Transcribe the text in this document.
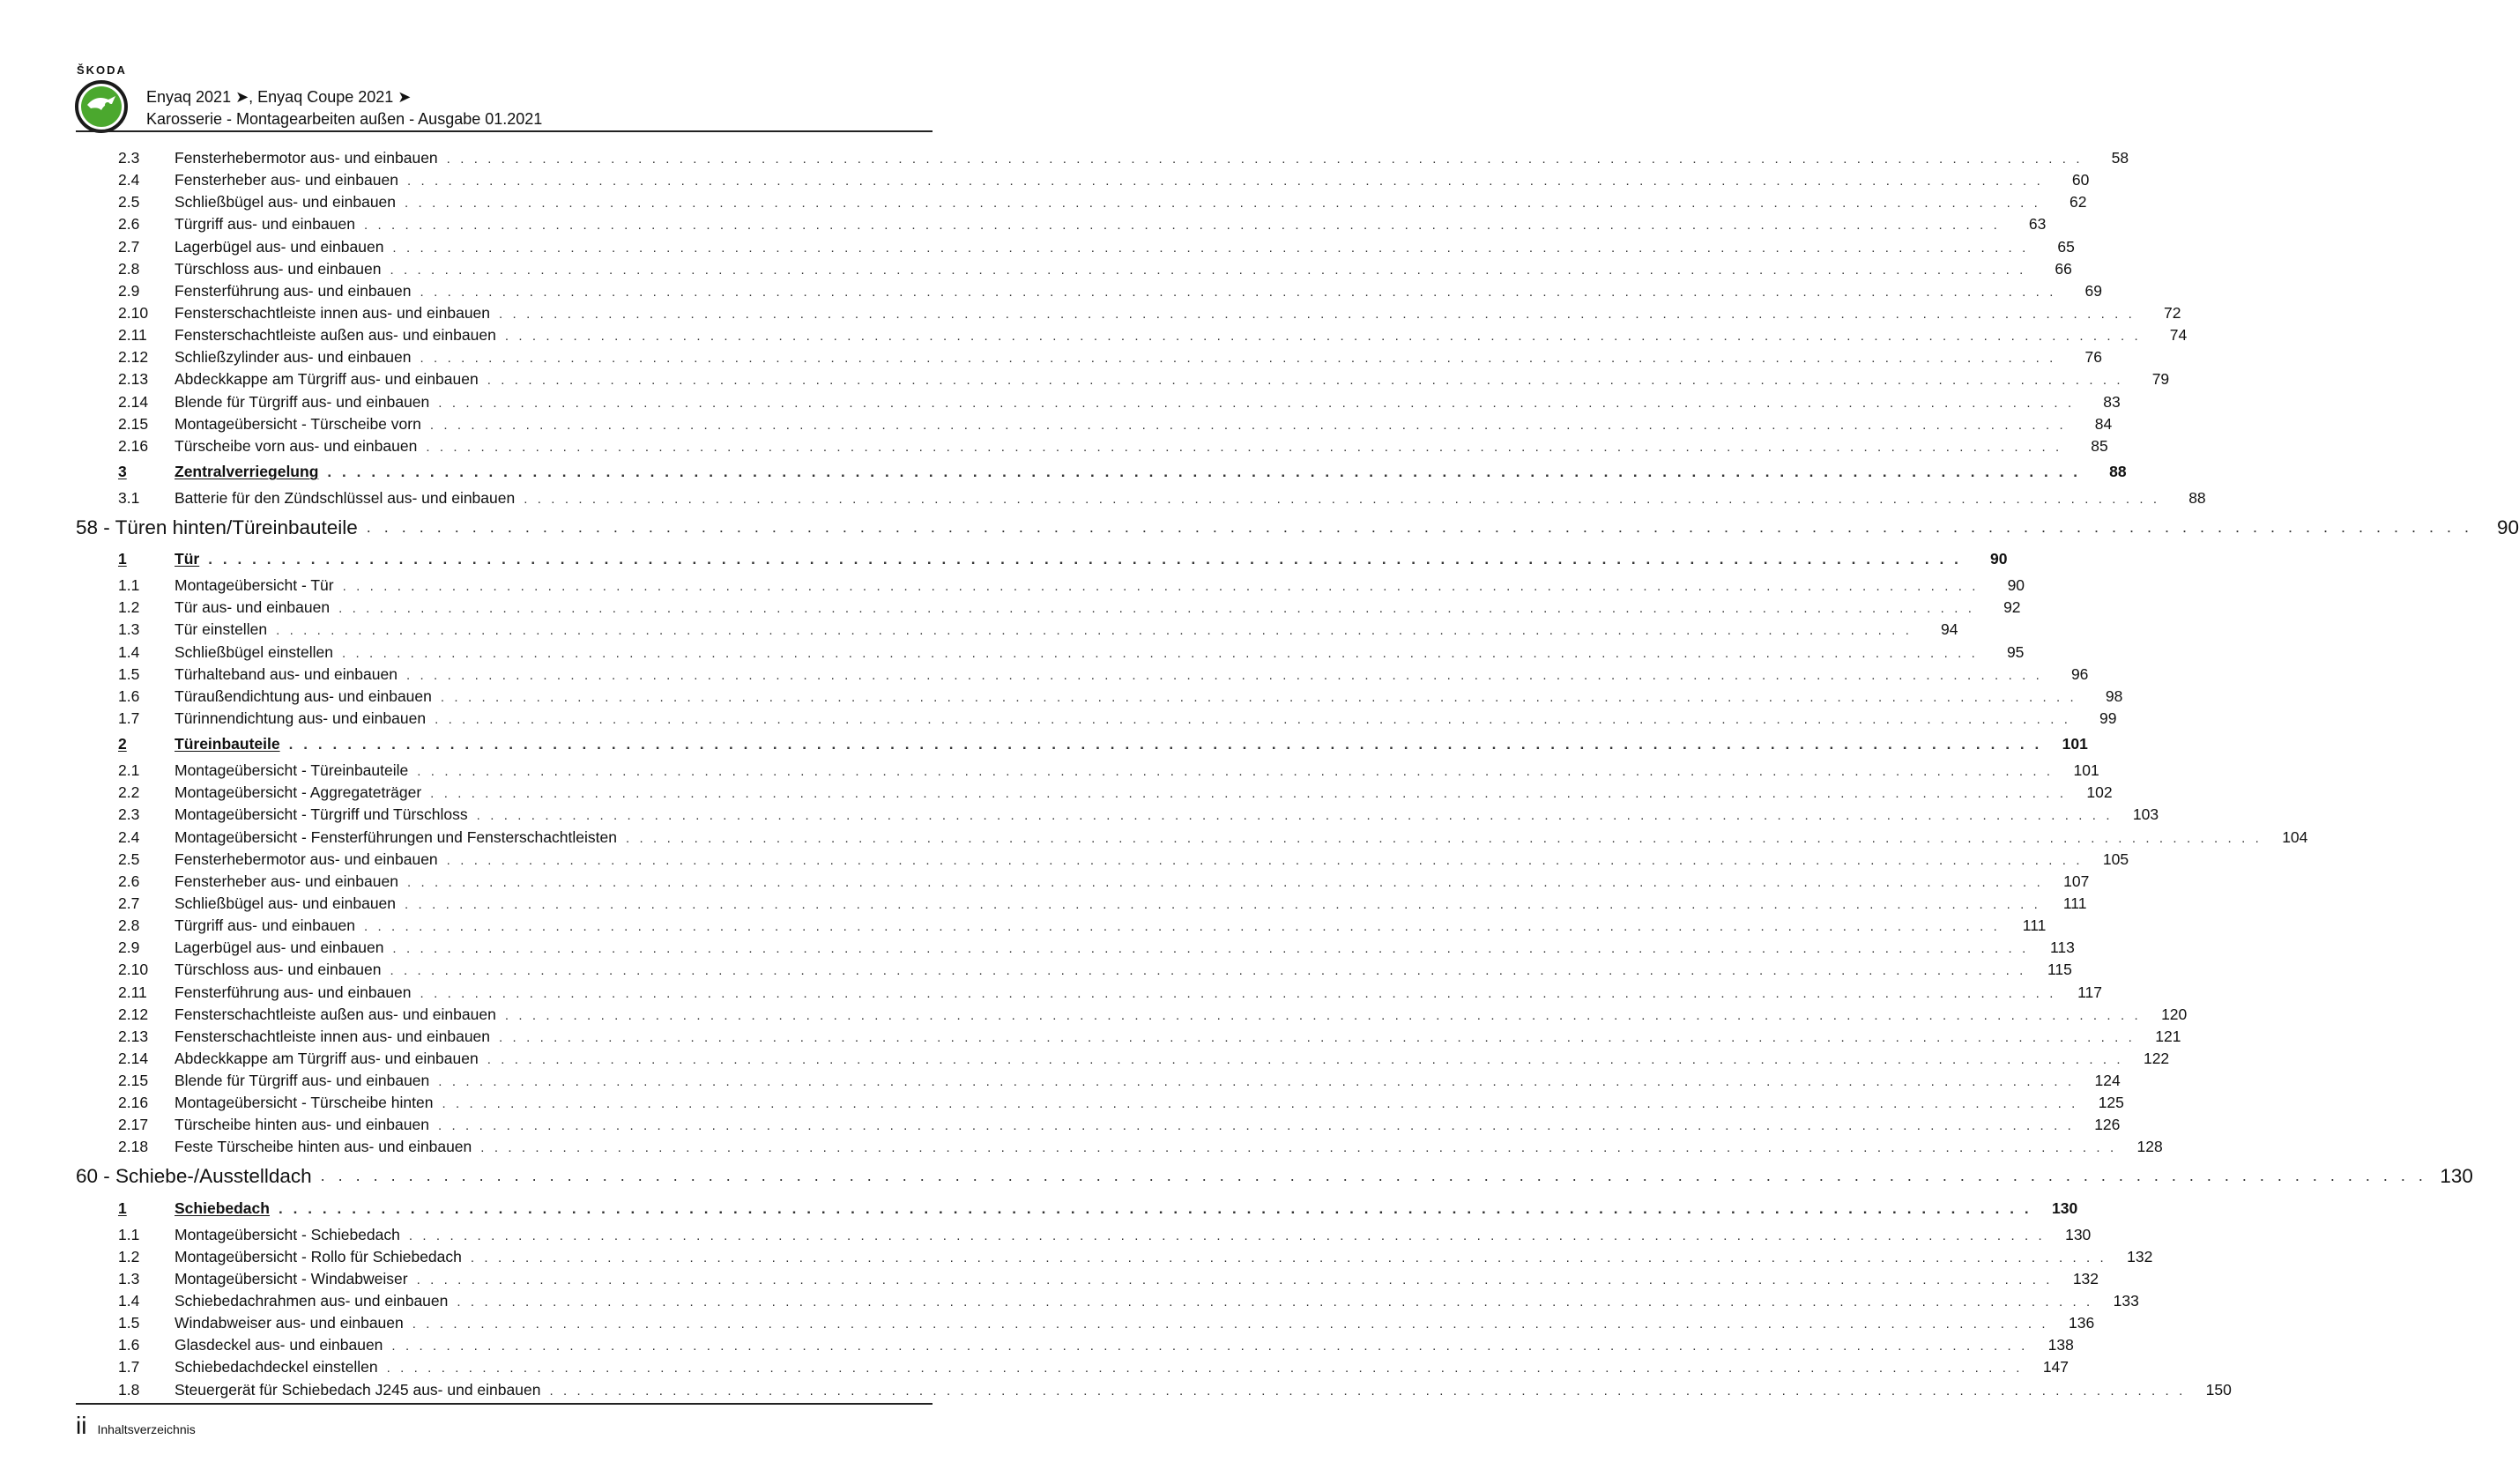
ŠKODA
Enyaq 2021 ➤, Enyaq Coupe 2021 ➤
Karosserie - Montagearbeiten außen - Ausgabe 01.2021
2.3	Fensterhebermotor aus- und einbauen . . . . . . . . . . . . . . . . . . . . . . . . . . . . . . . . . . . . . . . . . . . . . . . . . . . . . . . . . . . . . . . . . . . . . . . . . . . . . . . . . . . . . . . . . . . . . . . . . . . . . . . . . . . . . . . . . . . . . . . .	58
2.4	Fensterheber aus- und einbauen . . . . . . . . . . . . . . . . . . . . . . . . . . . . . . . . . . . . . . . . . . . . . . . . . . . . . . . . . . . . . . . . . . . . . . . . . . . . . . . . . . . . . . . . . . . . . . . . . . . . . . . . . . . . . . . . . . . . . . . .	60
2.5	Schließbügel aus- und einbauen . . . . . . . . . . . . . . . . . . . . . . . . . . . . . . . . . . . . . . . . . . . . . . . . . . . . . . . . . . . . . . . . . . . . . . . . . . . . . . . . . . . . . . . . . . . . . . . . . . . . . . . . . . . . . . . . . . . . . . . .	62
2.6	Türgriff aus- und einbauen . . . . . . . . . . . . . . . . . . . . . . . . . . . . . . . . . . . . . . . . . . . . . . . . . . . . . . . . . . . . . . . . . . . . . . . . . . . . . . . . . . . . . . . . . . . . . . . . . . . . . . . . . . . . . . . . . . . . . . . .	63
2.7	Lagerbügel aus- und einbauen . . . . . . . . . . . . . . . . . . . . . . . . . . . . . . . . . . . . . . . . . . . . . . . . . . . . . . . . . . . . . . . . . . . . . . . . . . . . . . . . . . . . . . . . . . . . . . . . . . . . . . . . . . . . . . . . . . . . . . . .	65
2.8	Türschloss aus- und einbauen . . . . . . . . . . . . . . . . . . . . . . . . . . . . . . . . . . . . . . . . . . . . . . . . . . . . . . . . . . . . . . . . . . . . . . . . . . . . . . . . . . . . . . . . . . . . . . . . . . . . . . . . . . . . . . . . . . . . . . . .	66
2.9	Fensterführung aus- und einbauen . . . . . . . . . . . . . . . . . . . . . . . . . . . . . . . . . . . . . . . . . . . . . . . . . . . . . . . . . . . . . . . . . . . . . . . . . . . . . . . . . . . . . . . . . . . . . . . . . . . . . . . . . . . . . . . . . . . . . . . .	69
2.10	Fensterschachtleiste innen aus- und einbauen . . . . . . . . . . . . . . . . . . . . . . . . . . . . . . . . . . . . . . . . . . . . . . . . . . . . . . . . . . . . . . . . . . . . . . . . . . . . . . . . . . . . . . . . . . . . . . . . . . . . . . . . . . . . . . . . . . . . . . . .	72
2.11	Fensterschachtleiste außen aus- und einbauen . . . . . . . . . . . . . . . . . . . . . . . . . . . . . . . . . . . . . . . . . . . . . . . . . . . . . . . . . . . . . . . . . . . . . . . . . . . . . . . . . . . . . . . . . . . . . . . . . . . . . . . . . . . . . . . . . . . . . . . .	74
2.12	Schließzylinder aus- und einbauen . . . . . . . . . . . . . . . . . . . . . . . . . . . . . . . . . . . . . . . . . . . . . . . . . . . . . . . . . . . . . . . . . . . . . . . . . . . . . . . . . . . . . . . . . . . . . . . . . . . . . . . . . . . . . . . . . . . . . . . .	76
2.13	Abdeckkappe am Türgriff aus- und einbauen . . . . . . . . . . . . . . . . . . . . . . . . . . . . . . . . . . . . . . . . . . . . . . . . . . . . . . . . . . . . . . . . . . . . . . . . . . . . . . . . . . . . . . . . . . . . . . . . . . . . . . . . . . . . . . . . . . . . . . . .	79
2.14	Blende für Türgriff aus- und einbauen . . . . . . . . . . . . . . . . . . . . . . . . . . . . . . . . . . . . . . . . . . . . . . . . . . . . . . . . . . . . . . . . . . . . . . . . . . . . . . . . . . . . . . . . . . . . . . . . . . . . . . . . . . . . . . . . . . . . . . . .	83
2.15	Montageübersicht - Türscheibe vorn . . . . . . . . . . . . . . . . . . . . . . . . . . . . . . . . . . . . . . . . . . . . . . . . . . . . . . . . . . . . . . . . . . . . . . . . . . . . . . . . . . . . . . . . . . . . . . . . . . . . . . . . . . . . . . . . . . . . . . . .	84
2.16	Türscheibe vorn aus- und einbauen . . . . . . . . . . . . . . . . . . . . . . . . . . . . . . . . . . . . . . . . . . . . . . . . . . . . . . . . . . . . . . . . . . . . . . . . . . . . . . . . . . . . . . . . . . . . . . . . . . . . . . . . . . . . . . . . . . . . . . . .	85
3	Zentralverriegelung . . . . . . . . . . . . . . . . . . . . . . . . . . . . . . . . . . . . . . . . . . . . . . . . . . . . . . . . . . . . . . . . . . . . . . . . . . . . . . . . . . . . . . . . . . . . . . . . . . . . . . . . . . . . . . . . . . . . . . . .	88
3.1	Batterie für den Zündschlüssel aus- und einbauen . . . . . . . . . . . . . . . . . . . . . . . . . . . . . . . . . . . . . . . . . . . . . . . . . . . . . . . . . . . . . . . . . . . . . . . . . . . . . . . . . . . . . . . . . . . . . . . . . . . . . . . . . . . . . . . . . . . . . . . .	88
58 - Türen hinten/Türeinbauteile . . . . . . . . . . . . . . . . . . . . . . . . . . . . . . . . . . . . . . . . . . . . . . . . . . . . . . . . . . . . . . . . . . . . . . . . . . . . . . . . . . . . . . . . . . . . . . . . . . . . . . . . . . . . . . . . . . . . . . . .	90
1	Tür . . . . . . . . . . . . . . . . . . . . . . . . . . . . . . . . . . . . . . . . . . . . . . . . . . . . . . . . . . . . . . . . . . . . . . . . . . . . . . . . . . . . . . . . . . . . . . . . . . . . . . . . . . . . . . . . . . . . . . . .	90
1.1	Montageübersicht - Tür . . . . . . . . . . . . . . . . . . . . . . . . . . . . . . . . . . . . . . . . . . . . . . . . . . . . . . . . . . . . . . . . . . . . . . . . . . . . . . . . . . . . . . . . . . . . . . . . . . . . . . . . . . . . . . . . . . . . . . . .	90
1.2	Tür aus- und einbauen . . . . . . . . . . . . . . . . . . . . . . . . . . . . . . . . . . . . . . . . . . . . . . . . . . . . . . . . . . . . . . . . . . . . . . . . . . . . . . . . . . . . . . . . . . . . . . . . . . . . . . . . . . . . . . . . . . . . . . . .	92
1.3	Tür einstellen . . . . . . . . . . . . . . . . . . . . . . . . . . . . . . . . . . . . . . . . . . . . . . . . . . . . . . . . . . . . . . . . . . . . . . . . . . . . . . . . . . . . . . . . . . . . . . . . . . . . . . . . . . . . . . . . . . . . . . . .	94
1.4	Schließbügel einstellen . . . . . . . . . . . . . . . . . . . . . . . . . . . . . . . . . . . . . . . . . . . . . . . . . . . . . . . . . . . . . . . . . . . . . . . . . . . . . . . . . . . . . . . . . . . . . . . . . . . . . . . . . . . . . . . . . . . . . . . .	95
1.5	Türhalteband aus- und einbauen . . . . . . . . . . . . . . . . . . . . . . . . . . . . . . . . . . . . . . . . . . . . . . . . . . . . . . . . . . . . . . . . . . . . . . . . . . . . . . . . . . . . . . . . . . . . . . . . . . . . . . . . . . . . . . . . . . . . . . . .	96
1.6	Türaußendichtung aus- und einbauen . . . . . . . . . . . . . . . . . . . . . . . . . . . . . . . . . . . . . . . . . . . . . . . . . . . . . . . . . . . . . . . . . . . . . . . . . . . . . . . . . . . . . . . . . . . . . . . . . . . . . . . . . . . . . . . . . . . . . . . .	98
1.7	Türinnendichtung aus- und einbauen . . . . . . . . . . . . . . . . . . . . . . . . . . . . . . . . . . . . . . . . . . . . . . . . . . . . . . . . . . . . . . . . . . . . . . . . . . . . . . . . . . . . . . . . . . . . . . . . . . . . . . . . . . . . . . . . . . . . . . . .	99
2	Türeinbauteile . . . . . . . . . . . . . . . . . . . . . . . . . . . . . . . . . . . . . . . . . . . . . . . . . . . . . . . . . . . . . . . . . . . . . . . . . . . . . . . . . . . . . . . . . . . . . . . . . . . . . . . . . . . . . . . . . . . . . . . .	101
2.1	Montageübersicht - Türeinbauteile . . . . . . . . . . . . . . . . . . . . . . . . . . . . . . . . . . . . . . . . . . . . . . . . . . . . . . . . . . . . . . . . . . . . . . . . . . . . . . . . . . . . . . . . . . . . . . . . . . . . . . . . . . . . . . . . . . . . . . . .	101
2.2	Montageübersicht - Aggregateträger . . . . . . . . . . . . . . . . . . . . . . . . . . . . . . . . . . . . . . . . . . . . . . . . . . . . . . . . . . . . . . . . . . . . . . . . . . . . . . . . . . . . . . . . . . . . . . . . . . . . . . . . . . . . . . . . . . . . . . . .	102
2.3	Montageübersicht - Türgriff und Türschloss . . . . . . . . . . . . . . . . . . . . . . . . . . . . . . . . . . . . . . . . . . . . . . . . . . . . . . . . . . . . . . . . . . . . . . . . . . . . . . . . . . . . . . . . . . . . . . . . . . . . . . . . . . . . . . . . . . . . . . . .	103
2.4	Montageübersicht - Fensterführungen und Fensterschachtleisten . . . . . . . . . . . . . . . . . . . . . . . . . . . . . . . . . . . . . . . . . . . . . . . . . . . . . . . . . . . . . . . . . . . . . . . . . . . . . . . . . . . . . . . . . . . . . . . . . . . . . . . . . . . . . . . . . . . . . . . .	104
2.5	Fensterhebermotor aus- und einbauen . . . . . . . . . . . . . . . . . . . . . . . . . . . . . . . . . . . . . . . . . . . . . . . . . . . . . . . . . . . . . . . . . . . . . . . . . . . . . . . . . . . . . . . . . . . . . . . . . . . . . . . . . . . . . . . . . . . . . . . .	105
2.6	Fensterheber aus- und einbauen . . . . . . . . . . . . . . . . . . . . . . . . . . . . . . . . . . . . . . . . . . . . . . . . . . . . . . . . . . . . . . . . . . . . . . . . . . . . . . . . . . . . . . . . . . . . . . . . . . . . . . . . . . . . . . . . . . . . . . . .	107
2.7	Schließbügel aus- und einbauen . . . . . . . . . . . . . . . . . . . . . . . . . . . . . . . . . . . . . . . . . . . . . . . . . . . . . . . . . . . . . . . . . . . . . . . . . . . . . . . . . . . . . . . . . . . . . . . . . . . . . . . . . . . . . . . . . . . . . . . .	111
2.8	Türgriff aus- und einbauen . . . . . . . . . . . . . . . . . . . . . . . . . . . . . . . . . . . . . . . . . . . . . . . . . . . . . . . . . . . . . . . . . . . . . . . . . . . . . . . . . . . . . . . . . . . . . . . . . . . . . . . . . . . . . . . . . . . . . . . .	111
2.9	Lagerbügel aus- und einbauen . . . . . . . . . . . . . . . . . . . . . . . . . . . . . . . . . . . . . . . . . . . . . . . . . . . . . . . . . . . . . . . . . . . . . . . . . . . . . . . . . . . . . . . . . . . . . . . . . . . . . . . . . . . . . . . . . . . . . . . .	113
2.10	Türschloss aus- und einbauen . . . . . . . . . . . . . . . . . . . . . . . . . . . . . . . . . . . . . . . . . . . . . . . . . . . . . . . . . . . . . . . . . . . . . . . . . . . . . . . . . . . . . . . . . . . . . . . . . . . . . . . . . . . . . . . . . . . . . . . .	115
2.11	Fensterführung aus- und einbauen . . . . . . . . . . . . . . . . . . . . . . . . . . . . . . . . . . . . . . . . . . . . . . . . . . . . . . . . . . . . . . . . . . . . . . . . . . . . . . . . . . . . . . . . . . . . . . . . . . . . . . . . . . . . . . . . . . . . . . . .	117
2.12	Fensterschachtleiste außen aus- und einbauen . . . . . . . . . . . . . . . . . . . . . . . . . . . . . . . . . . . . . . . . . . . . . . . . . . . . . . . . . . . . . . . . . . . . . . . . . . . . . . . . . . . . . . . . . . . . . . . . . . . . . . . . . . . . . . . . . . . . . . . .	120
2.13	Fensterschachtleiste innen aus- und einbauen . . . . . . . . . . . . . . . . . . . . . . . . . . . . . . . . . . . . . . . . . . . . . . . . . . . . . . . . . . . . . . . . . . . . . . . . . . . . . . . . . . . . . . . . . . . . . . . . . . . . . . . . . . . . . . . . . . . . . . . .	121
2.14	Abdeckkappe am Türgriff aus- und einbauen . . . . . . . . . . . . . . . . . . . . . . . . . . . . . . . . . . . . . . . . . . . . . . . . . . . . . . . . . . . . . . . . . . . . . . . . . . . . . . . . . . . . . . . . . . . . . . . . . . . . . . . . . . . . . . . . . . . . . . . .	122
2.15	Blende für Türgriff aus- und einbauen . . . . . . . . . . . . . . . . . . . . . . . . . . . . . . . . . . . . . . . . . . . . . . . . . . . . . . . . . . . . . . . . . . . . . . . . . . . . . . . . . . . . . . . . . . . . . . . . . . . . . . . . . . . . . . . . . . . . . . . .	124
2.16	Montageübersicht - Türscheibe hinten . . . . . . . . . . . . . . . . . . . . . . . . . . . . . . . . . . . . . . . . . . . . . . . . . . . . . . . . . . . . . . . . . . . . . . . . . . . . . . . . . . . . . . . . . . . . . . . . . . . . . . . . . . . . . . . . . . . . . . . .	125
2.17	Türscheibe hinten aus- und einbauen . . . . . . . . . . . . . . . . . . . . . . . . . . . . . . . . . . . . . . . . . . . . . . . . . . . . . . . . . . . . . . . . . . . . . . . . . . . . . . . . . . . . . . . . . . . . . . . . . . . . . . . . . . . . . . . . . . . . . . . .	126
2.18	Feste Türscheibe hinten aus- und einbauen . . . . . . . . . . . . . . . . . . . . . . . . . . . . . . . . . . . . . . . . . . . . . . . . . . . . . . . . . . . . . . . . . . . . . . . . . . . . . . . . . . . . . . . . . . . . . . . . . . . . . . . . . . . . . . . . . . . . . . . .	128
60 - Schiebe-/Ausstelldach . . . . . . . . . . . . . . . . . . . . . . . . . . . . . . . . . . . . . . . . . . . . . . . . . . . . . . . . . . . . . . . . . . . . . . . . . . . . . . . . . . . . . . . . . . . . . . . . . . . . . . . . . . . . . . . . . . . . . . . . 130
1	Schiebedach . . . . . . . . . . . . . . . . . . . . . . . . . . . . . . . . . . . . . . . . . . . . . . . . . . . . . . . . . . . . . . . . . . . . . . . . . . . . . . . . . . . . . . . . . . . . . . . . . . . . . . . . . . . . . . . . . . . . . . . .	130
1.1	Montageübersicht - Schiebedach . . . . . . . . . . . . . . . . . . . . . . . . . . . . . . . . . . . . . . . . . . . . . . . . . . . . . . . . . . . . . . . . . . . . . . . . . . . . . . . . . . . . . . . . . . . . . . . . . . . . . . . . . . . . . . . . . . . . . . . .	130
1.2	Montageübersicht - Rollo für Schiebedach . . . . . . . . . . . . . . . . . . . . . . . . . . . . . . . . . . . . . . . . . . . . . . . . . . . . . . . . . . . . . . . . . . . . . . . . . . . . . . . . . . . . . . . . . . . . . . . . . . . . . . . . . . . . . . . . . . . . . . . .	132
1.3	Montageübersicht - Windabweiser . . . . . . . . . . . . . . . . . . . . . . . . . . . . . . . . . . . . . . . . . . . . . . . . . . . . . . . . . . . . . . . . . . . . . . . . . . . . . . . . . . . . . . . . . . . . . . . . . . . . . . . . . . . . . . . . . . . . . . . .	132
1.4	Schiebedachrahmen aus- und einbauen . . . . . . . . . . . . . . . . . . . . . . . . . . . . . . . . . . . . . . . . . . . . . . . . . . . . . . . . . . . . . . . . . . . . . . . . . . . . . . . . . . . . . . . . . . . . . . . . . . . . . . . . . . . . . . . . . . . . . . . .	133
1.5	Windabweiser aus- und einbauen . . . . . . . . . . . . . . . . . . . . . . . . . . . . . . . . . . . . . . . . . . . . . . . . . . . . . . . . . . . . . . . . . . . . . . . . . . . . . . . . . . . . . . . . . . . . . . . . . . . . . . . . . . . . . . . . . . . . . . . .	136
1.6	Glasdeckel aus- und einbauen . . . . . . . . . . . . . . . . . . . . . . . . . . . . . . . . . . . . . . . . . . . . . . . . . . . . . . . . . . . . . . . . . . . . . . . . . . . . . . . . . . . . . . . . . . . . . . . . . . . . . . . . . . . . . . . . . . . . . . . .	138
1.7	Schiebedachdeckel einstellen . . . . . . . . . . . . . . . . . . . . . . . . . . . . . . . . . . . . . . . . . . . . . . . . . . . . . . . . . . . . . . . . . . . . . . . . . . . . . . . . . . . . . . . . . . . . . . . . . . . . . . . . . . . . . . . . . . . . . . . .	147
1.8	Steuergerät für Schiebedach J245 aus- und einbauen . . . . . . . . . . . . . . . . . . . . . . . . . . . . . . . . . . . . . . . . . . . . . . . . . . . . . . . . . . . . . . . . . . . . . . . . . . . . . . . . . . . . . . . . . . . . . . . . . . . . . . . . . . . . . . . . . . . . . . . .	150
ii Inhaltsverzeichnis
